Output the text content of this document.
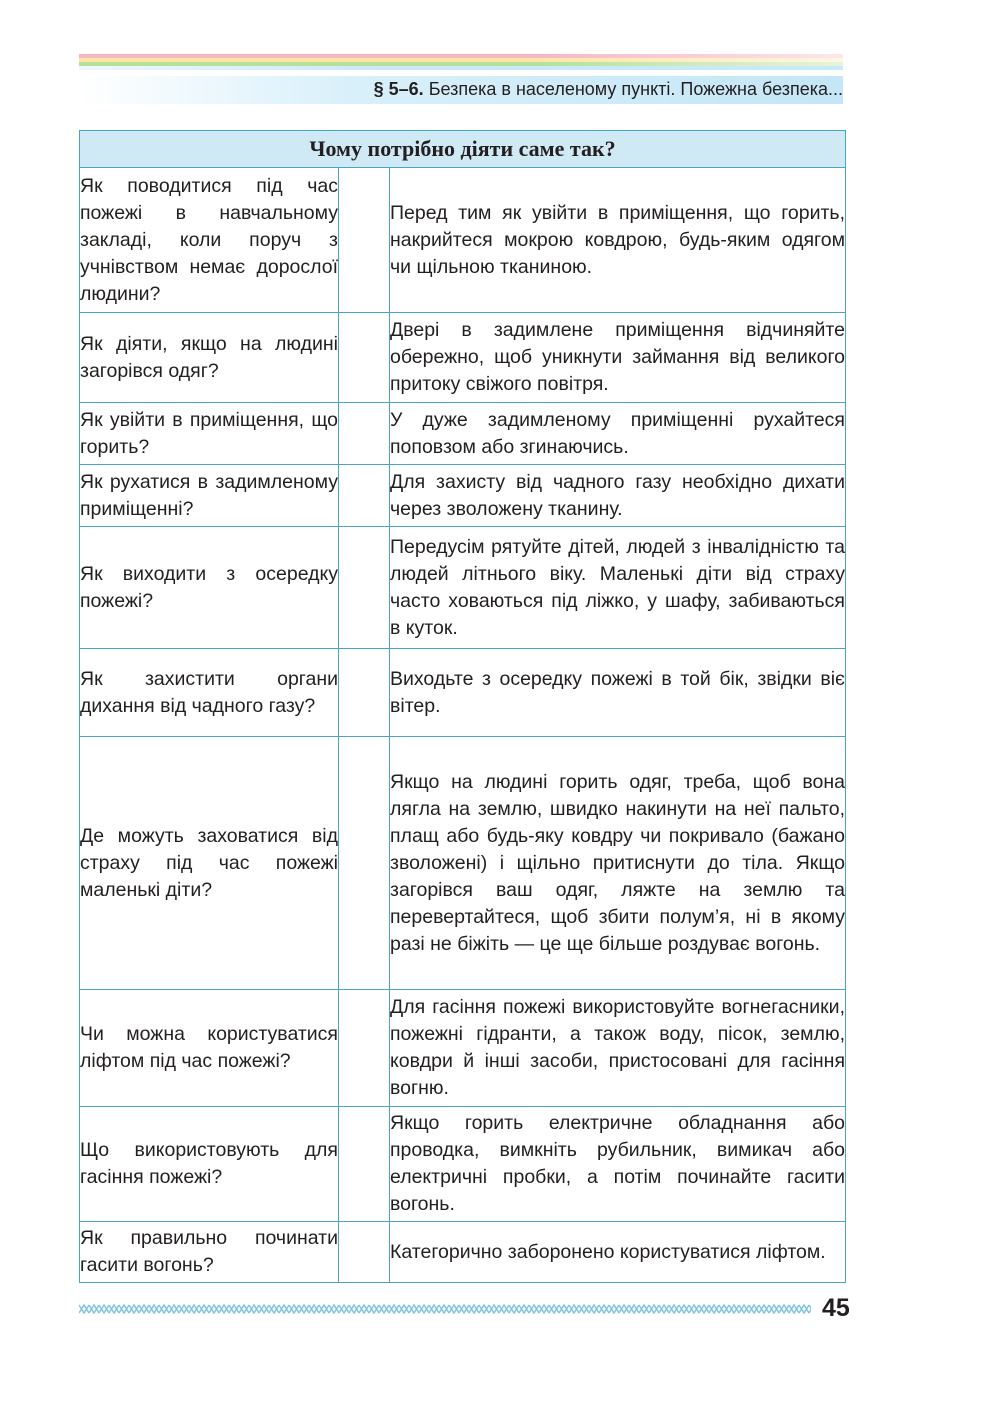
§ 5–6. Безпека в населеному пункті. Пожежна безпека...
Чому потрібно діяти саме так?		
Як поводитися під час пожежі в навчальному закладі, коли поруч з учнівством немає дорослої людини?		Перед тим як увійти в приміщення, що горить, накрийтеся мокрою ковдрою, будь-яким одягом чи щільною тканиною.
Як діяти, якщо на людині загорівся одяг?		Двері в задимлене приміщення відчиняйте обережно, щоб уникнути займання від великого притоку свіжого повітря.
Як увійти в приміщення, що горить?		У дуже задимленому приміщенні рухайтеся поповзом або згинаючись.
Як рухатися в задимленому приміщенні?		Для захисту від чадного газу необхідно дихати через зволожену тканину.
Як виходити з осередку пожежі?		Передусім рятуйте дітей, людей з інвалідністю та людей літнього віку. Маленькі діти від страху часто ховаються під ліжко, у шафу, забиваються в куток.
Як захистити органи дихання від чадного газу?		Виходьте з осередку пожежі в той бік, звідки віє вітер.
Де можуть заховатися від страху під час пожежі маленькі діти?		Якщо на людині горить одяг, треба, щоб вона лягла на землю, швидко накинути на неї пальто, плащ або будь-яку ковдру чи покривало (бажано зволожені) і щільно притиснути до тіла. Якщо загорівся ваш одяг, ляжте на землю та перевертайтеся, щоб збити полум’я, ні в якому разі не біжіть — це ще більше роздуває вогонь.
Чи можна користуватися ліфтом під час пожежі?		Для гасіння пожежі використовуйте вогнегасники, пожежні гідранти, а також воду, пісок, землю, ковдри й інші засоби, пристосовані для гасіння вогню.
Що використовують для гасіння пожежі?		Якщо горить електричне обладнання або проводка, вимкніть рубильник, вимикач або електричні пробки, а потім починайте гасити вогонь.
Як правильно починати гасити вогонь?		Категорично заборонено користуватися ліфтом.
45
